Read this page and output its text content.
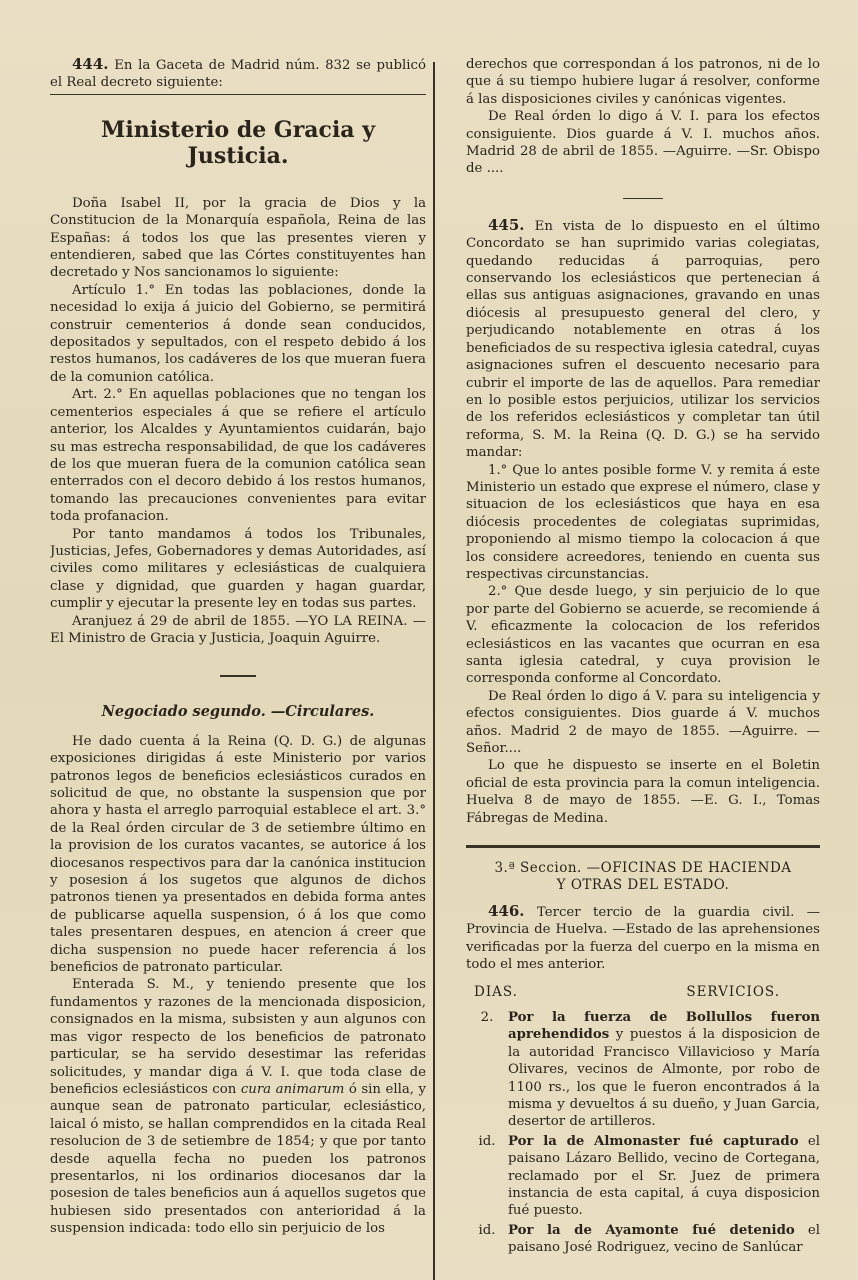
444. En la Gaceta de Madrid núm. 832 se publicó el Real decreto siguiente:

Ministerio de Gracia y Justicia.

Doña Isabel II, por la gracia de Dios y la Constitucion de la Monarquía española, Reina de las Españas: á todos los que las presentes vieren y entendieren, sabed que las Córtes constituyentes han decretado y Nos sancionamos lo siguiente:

Artículo 1.° En todas las poblaciones, donde la necesidad lo exija á juicio del Gobierno, se permitirá construir cementerios á donde sean conducidos, depositados y sepultados, con el respeto debido á los restos humanos, los cadáveres de los que mueran fuera de la comunion católica.

Art. 2.° En aquellas poblaciones que no tengan los cementerios especiales á que se refiere el artículo anterior, los Alcaldes y Ayuntamientos cuidarán, bajo su mas estrecha responsabilidad, de que los cadáveres de los que mueran fuera de la comunion católica sean enterrados con el decoro debido á los restos humanos, tomando las precauciones convenientes para evitar toda profanacion.

Por tanto mandamos á todos los Tribunales, Justicias, Jefes, Gobernadores y demas Autoridades, así civiles como militares y eclesiásticas de cualquiera clase y dignidad, que guarden y hagan guardar, cumplir y ejecutar la presente ley en todas sus partes.

Aranjuez á 29 de abril de 1855. —YO LA REINA. —El Ministro de Gracia y Justicia, Joaquin Aguirre.

Negociado segundo. —Circulares.

He dado cuenta á la Reina (Q. D. G.) de algunas exposiciones dirigidas á este Ministerio por varios patronos legos de beneficios eclesiásticos curados en solicitud de que, no obstante la suspension que por ahora y hasta el arreglo parroquial establece el art. 3.° de la Real órden circular de 3 de setiembre último en la provision de los curatos vacantes, se autorice á los diocesanos respectivos para dar la canónica institucion y posesion á los sugetos que algunos de dichos patronos tienen ya presentados en debida forma antes de publicarse aquella suspension, ó á los que como tales presentaren despues, en atencion á creer que dicha suspension no puede hacer referencia á los beneficios de patronato particular.

Enterada S. M., y teniendo presente que los fundamentos y razones de la mencionada disposicion, consignados en la misma, subsisten y aun algunos con mas vigor respecto de los beneficios de patronato particular, se ha servido desestimar las referidas solicitudes, y mandar diga á V. I. que toda clase de beneficios eclesiásticos con cura animarum ó sin ella, y aunque sean de patronato particular, eclesiástico, laical ó misto, se hallan comprendidos en la citada Real resolucion de 3 de setiembre de 1854; y que por tanto desde aquella fecha no pueden los patronos presentarlos, ni los ordinarios diocesanos dar la posesion de tales beneficios aun á aquellos sugetos que hubiesen sido presentados con anterioridad á la suspension indicada: todo ello sin perjuicio de los

derechos que correspondan á los patronos, ni de lo que á su tiempo hubiere lugar á resolver, conforme á las disposiciones civiles y canónicas vigentes.

De Real órden lo digo á V. I. para los efectos consiguiente. Dios guarde á V. I. muchos años. Madrid 28 de abril de 1855. —Aguirre. —Sr. Obispo de ....

445. En vista de lo dispuesto en el último Concordato se han suprimido varias colegiatas, quedando reducidas á parroquias, pero conservando los eclesiásticos que pertenecian á ellas sus antiguas asignaciones, gravando en unas diócesis al presupuesto general del clero, y perjudicando notablemente en otras á los beneficiados de su respectiva iglesia catedral, cuyas asignaciones sufren el descuento necesario para cubrir el importe de las de aquellos. Para remediar en lo posible estos perjuicios, utilizar los servicios de los referidos eclesiásticos y completar tan útil reforma, S. M. la Reina (Q. D. G.) se ha servido mandar:

1.° Que lo antes posible forme V. y remita á este Ministerio un estado que exprese el número, clase y situacion de los eclesiásticos que haya en esa diócesis procedentes de colegiatas suprimidas, proponiendo al mismo tiempo la colocacion á que los considere acreedores, teniendo en cuenta sus respectivas circunstancias.

2.° Que desde luego, y sin perjuicio de lo que por parte del Gobierno se acuerde, se recomiende á V. eficazmente la colocacion de los referidos eclesiásticos en las vacantes que ocurran en esa santa iglesia catedral, y cuya provision le corresponda conforme al Concordato.

De Real órden lo digo á V. para su inteligencia y efectos consiguientes. Dios guarde á V. muchos años. Madrid 2 de mayo de 1855. —Aguirre. —Señor....

Lo que he dispuesto se inserte en el Boletin oficial de esta provincia para la comun inteligencia. Huelva 8 de mayo de 1855. —E. G. I., Tomas Fábregas de Medina.

3.ª Seccion. —OFICINAS DE HACIENDA
Y OTRAS DEL ESTADO.

446. Tercer tercio de la guardia civil. —Provincia de Huelva. —Estado de las aprehensiones verificadas por la fuerza del cuerpo en la misma en todo el mes anterior.

DIAS.	SERVICIOS.
2.	Por la fuerza de Bollullos fueron aprehendidos y puestos á la disposicion de la autoridad Francisco Villavicioso y María Olivares, vecinos de Almonte, por robo de 1100 rs., los que le fueron encontrados á la misma y devueltos á su dueño, y Juan Garcia, desertor de artilleros.

id. Por la de Almonaster fué capturado el paisano Lázaro Bellido, vecino de Cortegana, reclamado por el Sr. Juez de primera instancia de esta capital, á cuya disposicion fué puesto.

id. Por la de Ayamonte fué detenido el paisano José Rodriguez, vecino de Sanlúcar
